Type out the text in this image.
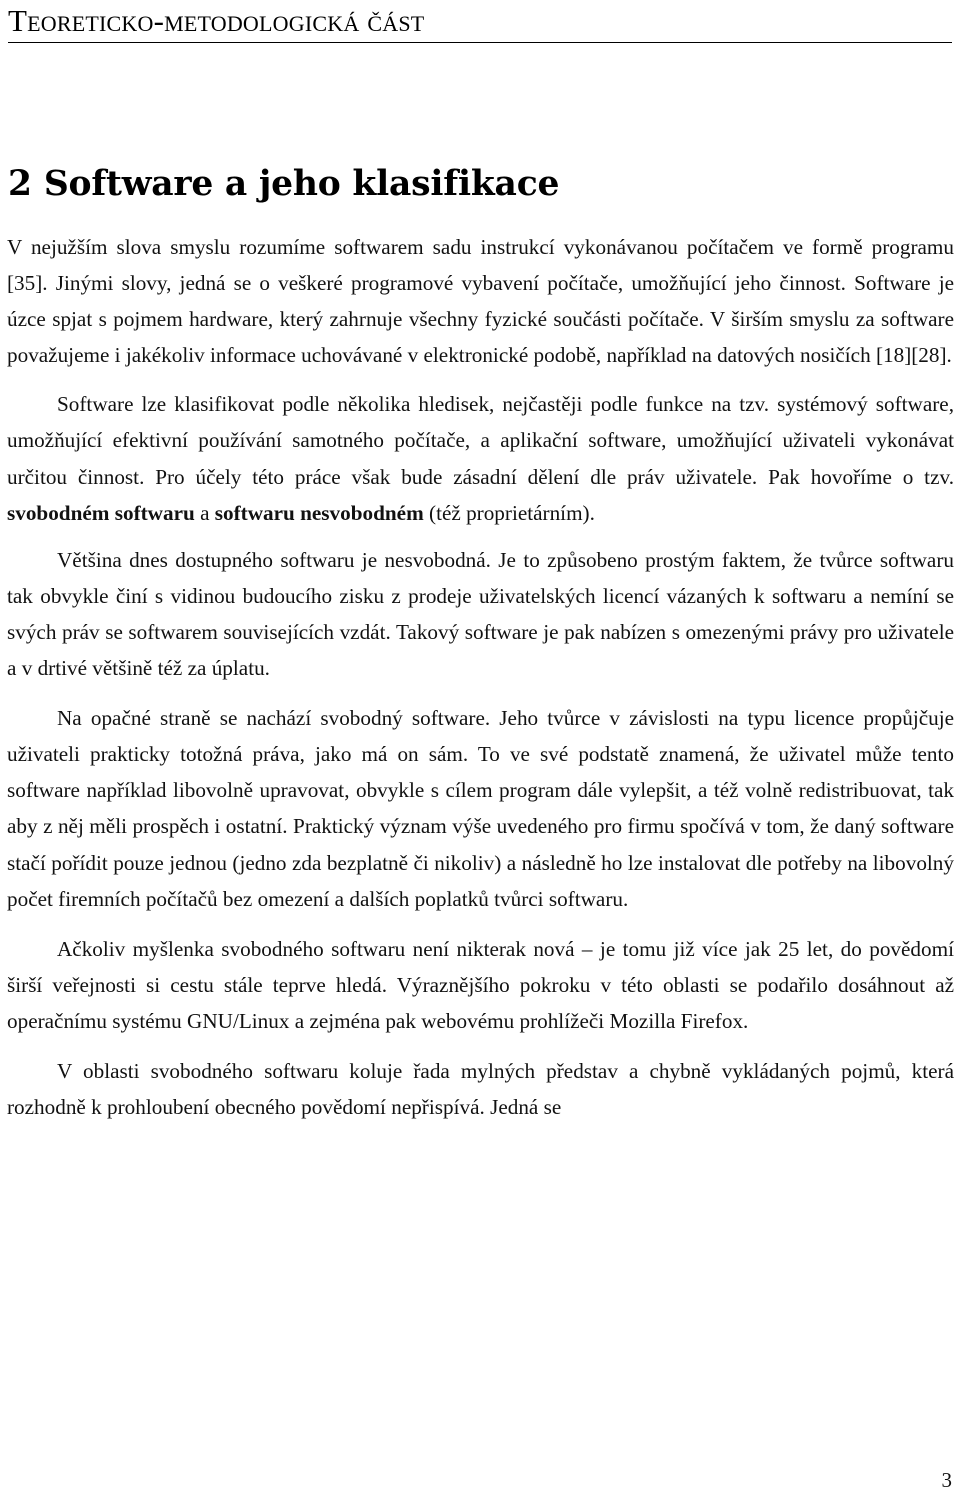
Teoreticko-metodologická část
2 Software a jeho klasifikace

V nejužším slova smyslu rozumíme softwarem sadu instrukcí vykonávanou počítačem ve formě programu [35]. Jinými slovy, jedná se o veškeré programové vybavení počítače, umožňující jeho činnost. Software je úzce spjat s pojmem hardware, který zahrnuje všechny fyzické součásti počítače. V širším smyslu za software považujeme i jakékoliv informace uchovávané v elektronické podobě, například na datových nosičích [18][28].

Software lze klasifikovat podle několika hledisek, nejčastěji podle funkce na tzv. systémový software, umožňující efektivní používání samotného počítače, a aplikační software, umožňující uživateli vykonávat určitou činnost. Pro účely této práce však bude zásadní dělení dle práv uživatele. Pak hovoříme o tzv. svobodném softwaru a softwaru nesvobodném (též proprietárním).

Většina dnes dostupného softwaru je nesvobodná. Je to způsobeno prostým faktem, že tvůrce softwaru tak obvykle činí s vidinou budoucího zisku z prodeje uživatelských licencí vázaných k softwaru a nemíní se svých práv se softwarem souvisejících vzdát. Takový software je pak nabízen s omezenými právy pro uživatele a v drtivé většině též za úplatu.

Na opačné straně se nachází svobodný software. Jeho tvůrce v závislosti na typu licence propůjčuje uživateli prakticky totožná práva, jako má on sám. To ve své podstatě znamená, že uživatel může tento software například libovolně upravovat, obvykle s cílem program dále vylepšit, a též volně redistribuovat, tak aby z něj měli prospěch i ostatní. Praktický význam výše uvedeného pro firmu spočívá v tom, že daný software stačí pořídit pouze jednou (jedno zda bezplatně či nikoliv) a následně ho lze instalovat dle potřeby na libovolný počet firemních počítačů bez omezení a dalších poplatků tvůrci softwaru.

Ačkoliv myšlenka svobodného softwaru není nikterak nová – je tomu již více jak 25 let, do povědomí širší veřejnosti si cestu stále teprve hledá. Výraznějšího pokroku v této oblasti se podařilo dosáhnout až operačnímu systému GNU/Linux a zejména pak webovému prohlížeči Mozilla Firefox.

V oblasti svobodného softwaru koluje řada mylných představ a chybně vykládaných pojmů, která rozhodně k prohloubení obecného povědomí nepřispívá. Jedná se

3
